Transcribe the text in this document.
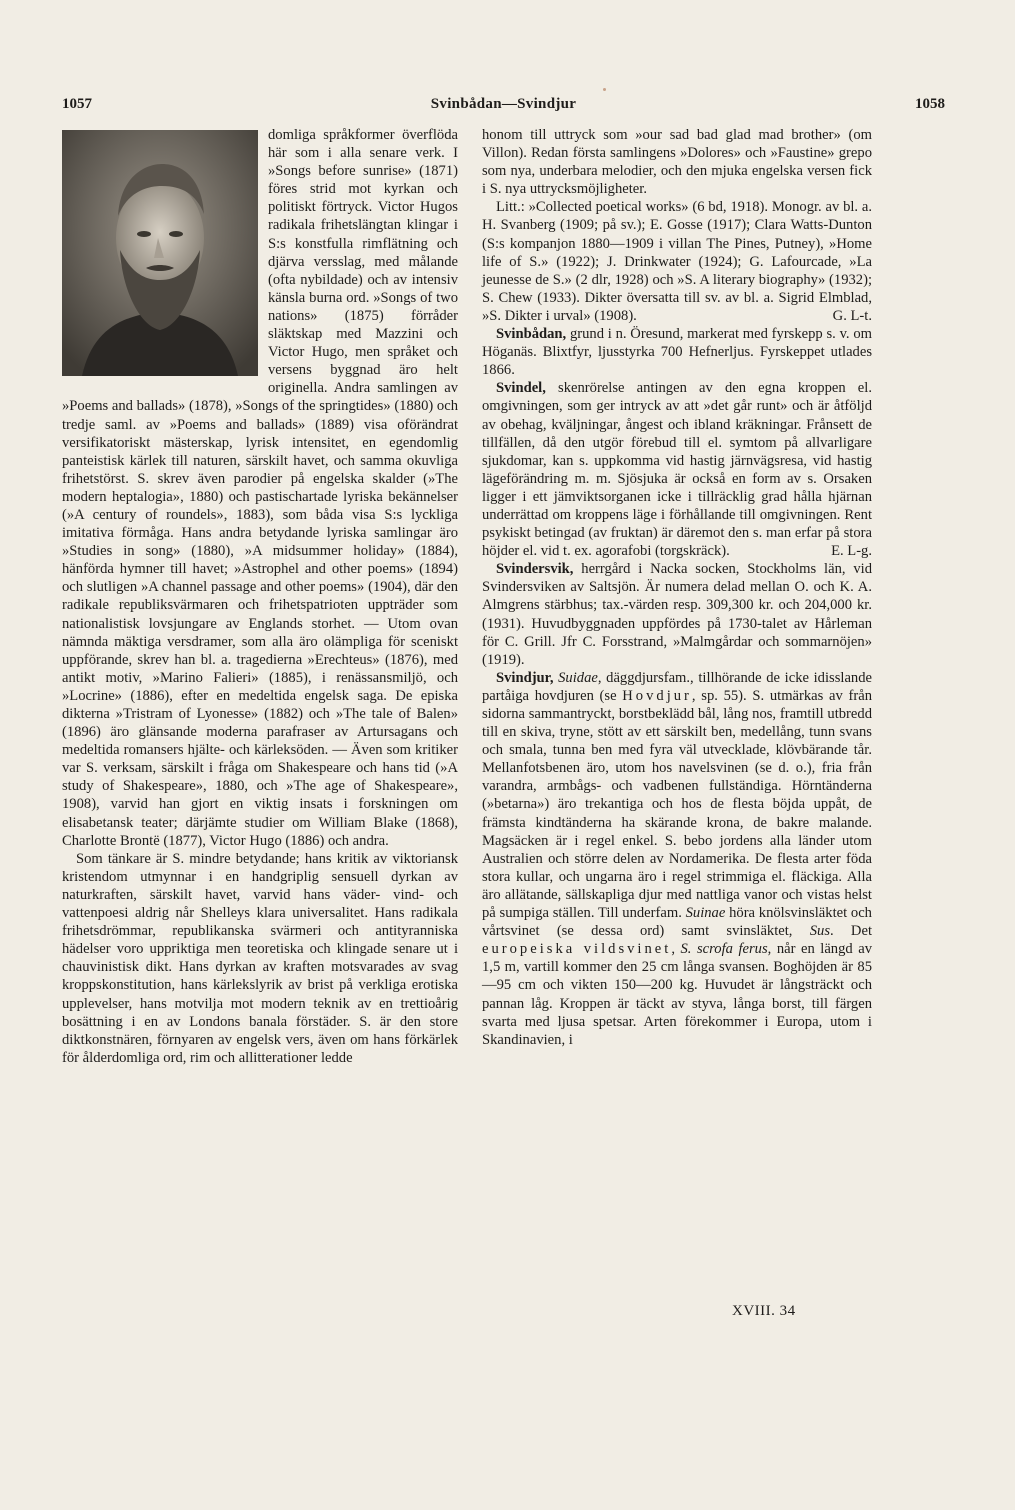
1057	Svinbådan—Svindjur	1058

domliga språkformer överflöda här som i alla senare verk. I »Songs before sunrise» (1871) föres strid mot kyrkan och politiskt förtryck. Victor Hugos radikala frihetslängtan klingar i S:s konstfulla rimflätning och djärva versslag, med målande (ofta nybildade) och av intensiv känsla burna ord. »Songs of two nations» (1875) förråder släktskap med Mazzini och Victor Hugo, men språket och versens byggnad äro helt originella. Andra samlingen av »Poems and ballads» (1878), »Songs of the springtides» (1880) och tredje saml. av »Poems and ballads» (1889) visa oförändrat versifikatoriskt mästerskap, lyrisk intensitet, en egendomlig panteistisk kärlek till naturen, särskilt havet, och samma okuvliga frihetstörst. S. skrev även parodier på engelska skalder (»The modern heptalogia», 1880) och pastischartade lyriska bekännelser (»A century of roundels», 1883), som båda visa S:s lyckliga imitativa förmåga. Hans andra betydande lyriska samlingar äro »Studies in song» (1880), »A midsummer holiday» (1884), hänförda hymner till havet; »Astrophel and other poems» (1894) och slutligen »A channel passage and other poems» (1904), där den radikale republiksvärmaren och frihetspatrioten uppträder som nationalistisk lovsjungare av Englands storhet. — Utom ovan nämnda mäktiga versdramer, som alla äro olämpliga för sceniskt uppförande, skrev han bl. a. tragedierna »Erechteus» (1876), med antikt motiv, »Marino Falieri» (1885), i renässansmiljö, och »Locrine» (1886), efter en medeltida engelsk saga. De episka dikterna »Tristram of Lyonesse» (1882) och »The tale of Balen» (1896) äro glänsande moderna parafraser av Artursagans och medeltida romansers hjälte- och kärleksöden. — Även som kritiker var S. verksam, särskilt i fråga om Shakespeare och hans tid (»A study of Shakespeare», 1880, och »The age of Shakespeare», 1908), varvid han gjort en viktig insats i forskningen om elisabetansk teater; därjämte studier om William Blake (1868), Charlotte Brontë (1877), Victor Hugo (1886) och andra.

Som tänkare är S. mindre betydande; hans kritik av viktoriansk kristendom utmynnar i en handgriplig sensuell dyrkan av naturkraften, särskilt havet, varvid hans väder- vind- och vattenpoesi aldrig når Shelleys klara universalitet. Hans radikala frihetsdrömmar, republikanska svärmeri och antityranniska hädelser voro uppriktiga men teoretiska och klingade senare ut i chauvinistisk dikt. Hans dyrkan av kraften motsvarades av svag kroppskonstitution, hans kärlekslyrik av brist på verkliga erotiska upplevelser, hans motvilja mot modern teknik av en trettioårig bosättning i en av Londons banala förstäder. S. är den store diktkonstnären, förnyaren av engelsk vers, även om hans förkärlek för ålderdomliga ord, rim och allitterationer ledde

honom till uttryck som »our sad bad glad mad brother» (om Villon). Redan första samlingens »Dolores» och »Faustine» grepo som nya, underbara melodier, och den mjuka engelska versen fick i S. nya uttrycksmöjligheter.

Litt.: »Collected poetical works» (6 bd, 1918). Monogr. av bl. a. H. Svanberg (1909; på sv.); E. Gosse (1917); Clara Watts-Dunton (S:s kompanjon 1880—1909 i villan The Pines, Putney), »Home life of S.» (1922); J. Drinkwater (1924); G. Lafourcade, »La jeunesse de S.» (2 dlr, 1928) och »S. A literary biography» (1932); S. Chew (1933). Dikter översatta till sv. av bl. a. Sigrid Elmblad, »S. Dikter i urval» (1908).	G. L-t.

Svinbådan, grund i n. Öresund, markerat med fyrskepp s. v. om Höganäs. Blixtfyr, ljusstyrka 700 Hefnerljus. Fyrskeppet utlades 1866.

Svindel, skenrörelse antingen av den egna kroppen el. omgivningen, som ger intryck av att »det går runt» och är åtföljd av obehag, kväljningar, ångest och ibland kräkningar. Frånsett de tillfällen, då den utgör förebud till el. symtom på allvarligare sjukdomar, kan s. uppkomma vid hastig järnvägsresa, vid hastig lägeförändring m. m. Sjösjuka är också en form av s. Orsaken ligger i ett jämviktsorganen icke i tillräcklig grad hålla hjärnan underrättad om kroppens läge i förhållande till omgivningen. Rent psykiskt betingad (av fruktan) är däremot den s. man erfar på stora höjder el. vid t. ex. agorafobi (torgskräck).	E. L-g.

Svindersvik, herrgård i Nacka socken, Stockholms län, vid Svindersviken av Saltsjön. Är numera delad mellan O. och K. A. Almgrens stärbhus; tax.-värden resp. 309,300 kr. och 204,000 kr. (1931). Huvudbyggnaden uppfördes på 1730-talet av Hårleman för C. Grill. Jfr C. Forsstrand, »Malmgårdar och sommarnöjen» (1919).

Svindjur, Suidae, däggdjursfam., tillhörande de icke idisslande partåiga hovdjuren (se Hovdjur, sp. 55). S. utmärkas av från sidorna sammantryckt, borstbeklädd bål, lång nos, framtill utbredd till en skiva, tryne, stött av ett särskilt ben, medellång, tunn svans och smala, tunna ben med fyra väl utvecklade, klövbärande tår. Mellanfotsbenen äro, utom hos navelsvinen (se d. o.), fria från varandra, armbågs- och vadbenen fullständiga. Hörntänderna (»betarna») äro trekantiga och hos de flesta böjda uppåt, de främsta kindtänderna ha skärande krona, de bakre malande. Magsäcken är i regel enkel. S. bebo jordens alla länder utom Australien och större delen av Nordamerika. De flesta arter föda stora kullar, och ungarna äro i regel strimmiga el. fläckiga. Alla äro allätande, sällskapliga djur med nattliga vanor och vistas helst på sumpiga ställen. Till underfam. Suinae höra knölsvinsläktet och vårtsvinet (se dessa ord) samt svinsläktet, Sus. Det europeiska vildsvinet, S. scrofa ferus, når en längd av 1,5 m, vartill kommer den 25 cm långa svansen. Boghöjden är 85—95 cm och vikten 150—200 kg. Huvudet är långsträckt och pannan låg. Kroppen är täckt av styva, långa borst, till färgen svarta med ljusa spetsar. Arten förekommer i Europa, utom i Skandinavien, i

XVIII. 34
